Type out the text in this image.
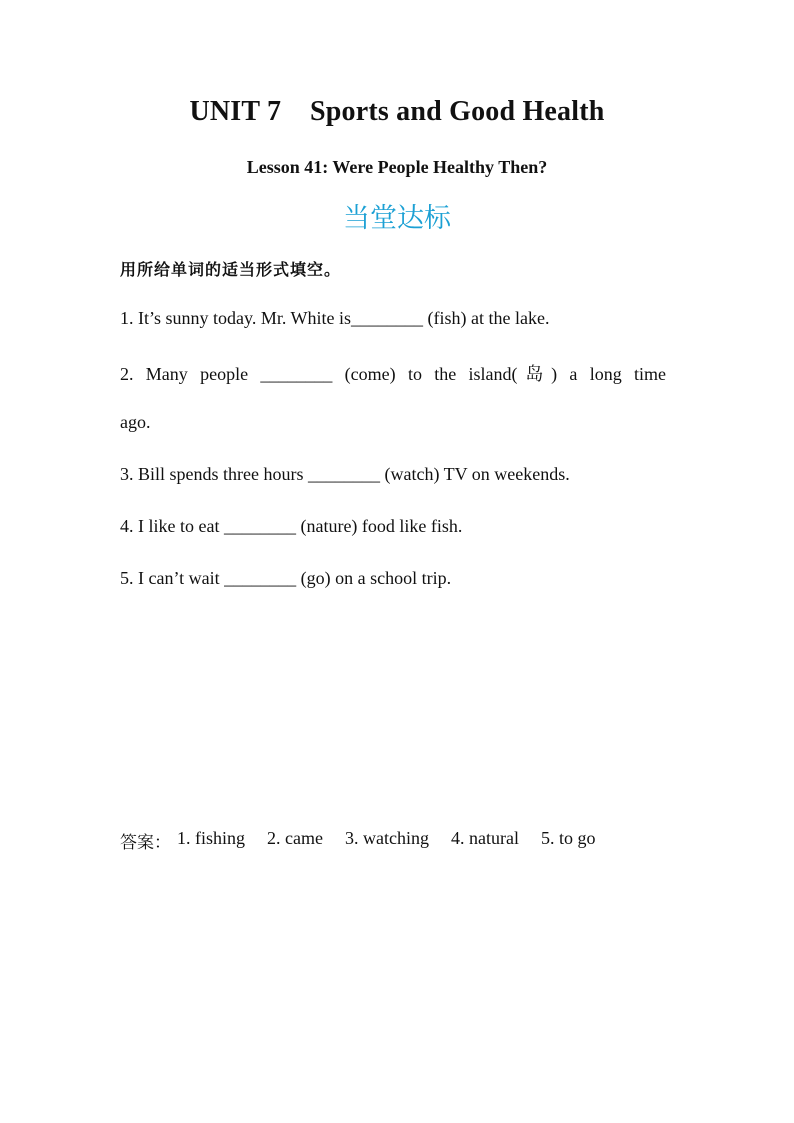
UNIT 7    Sports and Good Health
Lesson 41: Were People Healthy Then?
当堂达标
用所给单词的适当形式填空。
1. It’s sunny today. Mr. White is________ (fish) at the lake.
2. Many people ________ (come) to the island(岛) a long time
ago.
3. Bill spends three hours ________ (watch) TV on weekends.
4. I like to eat ________ (nature) food like fish.
5. I can’t wait ________ (go) on a school trip.
答案： 1. fishing 2. came 3. watching 4. natural 5. to go
